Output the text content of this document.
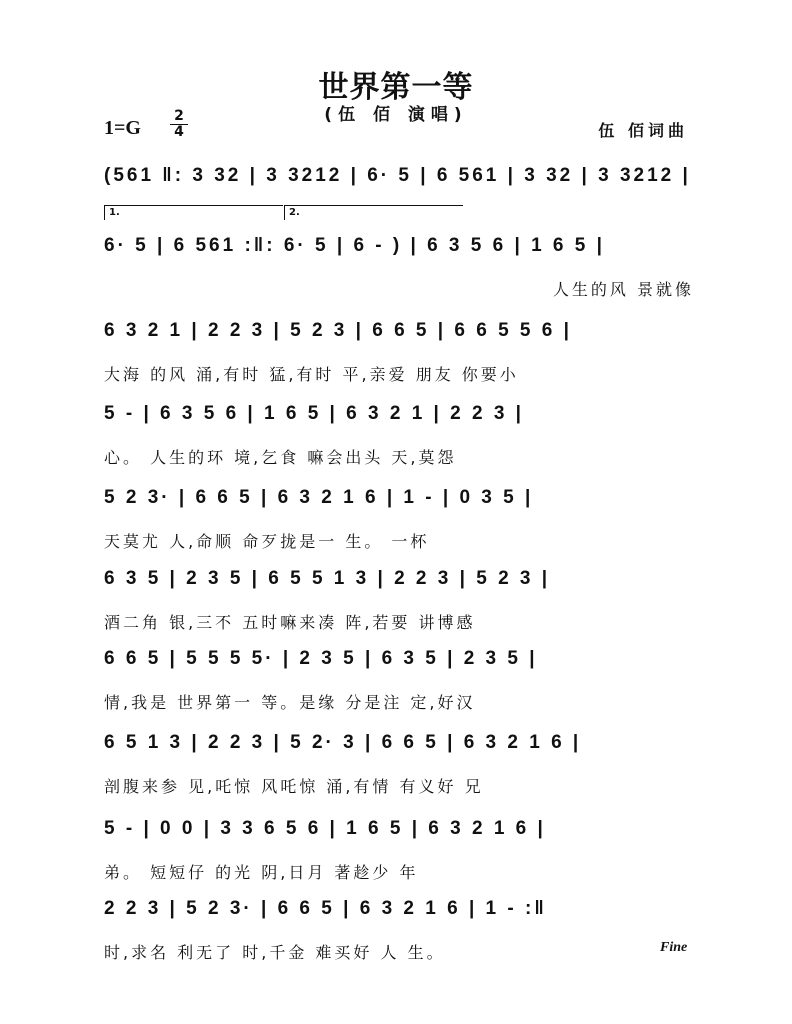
世界第一等
(伍 佰 演唱)
1=G
2
4	伍 佰词曲
1.	2.
(561 ‖: 3 32 | 3 3212 | 6· 5 | 6 561 | 3 32 | 3 3212 |
6· 5 | 6 561 :‖: 6· 5 | 6 - ) | 6 3 5 6 | 1 6 5 |
人生的风 景就像
6 3 2 1 | 2 2 3 | 5 2 3 | 6 6 5 | 6 6 5 5 6 |
大海 的风 涌,有时 猛,有时 平,亲爱 朋友 你要小
5 - | 6 3 5 6 | 1 6 5 | 6 3 2 1 | 2 2 3 |
心。 人生的环 境,乞食 嘛会出头 天,莫怨
5 2 3· | 6 6 5 | 6 3 2 1 6 | 1 - | 0 3 5 |
天莫尤 人,命顺 命歹拢是一 生。 一杯
6 3 5 | 2 3 5 | 6 5 5 1 3 | 2 2 3 | 5 2 3 |
酒二角 银,三不 五时嘛来凑 阵,若要 讲博感
6 6 5 | 5 5 5 5· | 2 3 5 | 6 3 5 | 2 3 5 |
情,我是 世界第一 等。是缘 分是注 定,好汉
6 5 1 3 | 2 2 3 | 5 2· 3 | 6 6 5 | 6 3 2 1 6 |
剖腹来参 见,吒惊 风吒惊 涌,有情 有义好 兄
5 - | 0 0 | 3 3 6 5 6 | 1 6 5 | 6 3 2 1 6 |
弟。 短短仔 的光 阴,日月 著趁少 年
2 2 3 | 5 2 3· | 6 6 5 | 6 3 2 1 6 | 1 - :‖
时,求名 利无了 时,千金 难买好 人 生。	Fine
